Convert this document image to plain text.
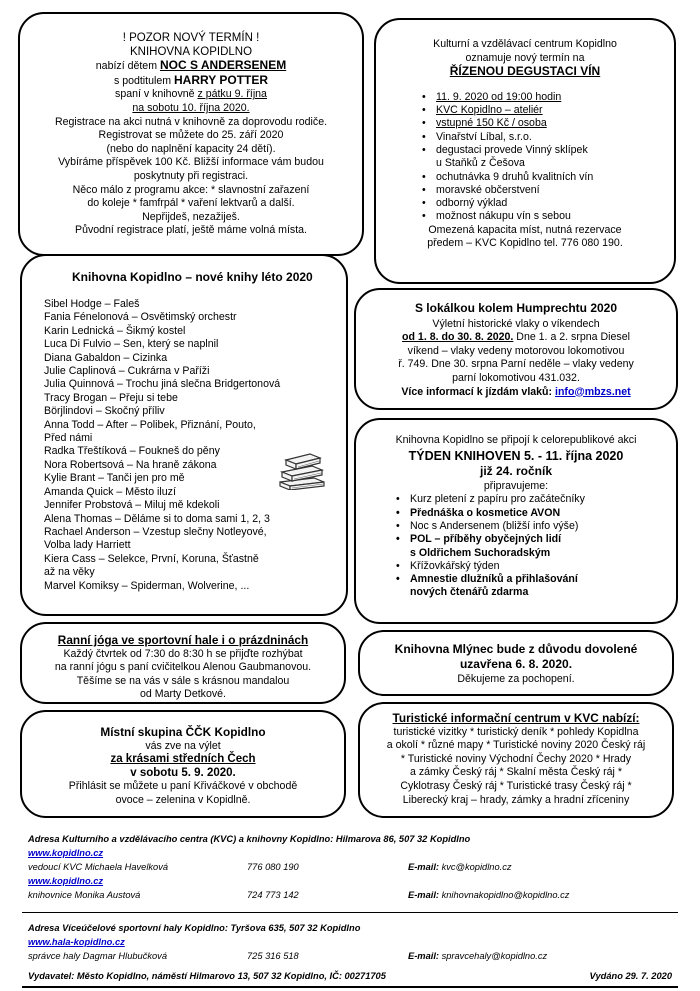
! POZOR NOVÝ TERMÍN !
KNIHOVNA KOPIDLNO
nabízí dětem NOC S ANDERSENEM
s podtitulem HARRY POTTER
spaní v knihovně z pátku 9. října
na sobotu 10. října 2020.
Registrace na akci nutná v knihovně za doprovodu rodiče.
Registrovat se můžete do 25. září 2020
(nebo do naplnění kapacity 24 dětí).
Vybíráme příspěvek 100 Kč. Bližší informace vám budou
poskytnuty při registraci.
Něco málo z programu akce: * slavnostní zařazení
do koleje * famfrpál * vaření lektvarů a další.
Nepřijdeš, nezažiješ.
Původní registrace platí, ještě máme volná místa.
Kulturní a vzdělávací centrum Kopidlno
oznamuje nový termín na
ŘÍZENOU DEGUSTACI VÍN
• 11. 9. 2020 od 19:00 hodin
• KVC Kopidlno – ateliér
• vstupné 150 Kč / osoba
• Vinařství Líbal, s.r.o.
• degustaci provede Vinný sklípek
u Staňků z Češova
• ochutnávka 9 druhů kvalitních vín
• moravské občerstvení
• odborný výklad
• možnost nákupu vín s sebou
Omezená kapacita míst, nutná rezervace
předem – KVC Kopidlno tel. 776 080 190.
Knihovna Kopidlno – nové knihy léto 2020
Sibel Hodge – Faleš
Fania Fénelonová – Osvětimský orchestr
Karin Lednická – Šikmý kostel
Luca Di Fulvio – Sen, který se naplnil
Diana Gabaldon – Cizinka
Julie Caplinová – Cukrárna v Paříži
Julia Quinnová – Trochu jiná slečna Bridgertonová
Tracy Brogan – Přeju si tebe
Börjlindovi – Skočný příliv
Anna Todd – After – Polibek, Přiznání, Pouto,
Před námi
Radka Třeštíková – Foukneš do pěny
Nora Robertsová – Na hraně zákona
Kylie Brant – Tanči jen pro mě
Amanda Quick – Město iluzí
Jennifer Probstová – Miluj mě kdekoli
Alena Thomas – Děláme si to doma sami 1, 2, 3
Rachael Anderson – Vzestup slečny Notleyové,
Volba lady Harriett
Kiera Cass – Selekce, První, Koruna, Šťastně
až na věky
Marvel Komiksy – Spiderman, Wolverine, ...
S lokálkou kolem Humprechtu 2020
Výletní historické vlaky o víkendech
od 1. 8. do 30. 8. 2020. Dne 1. a 2. srpna Diesel
víkend – vlaky vedeny motorovou lokomotivou
ř. 749. Dne 30. srpna Parní neděle – vlaky vedeny
parní lokomotivou 431.032.
Více informací k jízdám vlaků: info@mbzs.net
Knihovna Kopidlno se připojí k celorepublikové akci
TÝDEN KNIHOVEN 5. - 11. října 2020
již 24. ročník
připravujeme:
• Kurz pletení z papíru pro začátečníky
• Přednáška o kosmetice AVON
• Noc s Andersenem (bližší info výše)
• POL – příběhy obyčejných lidí
s Oldřichem Suchoradským
• Křížovkářský týden
• Amnestie dlužníků a přihlašování
nových čtenářů zdarma
Ranní jóga ve sportovní hale i o prázdninách
Každý čtvrtek od 7:30 do 8:30 h se přijďte rozhýbat
na ranní jógu s paní cvičitelkou Alenou Gaubmanovou.
Těšíme se na vás v sále s krásnou mandalou
od Marty Detkové.
Knihovna Mlýnec bude z důvodu dovolené
uzavřena 6. 8. 2020.
Děkujeme za pochopení.
Místní skupina ČČK Kopidlno
vás zve na výlet
za krásami středních Čech
v sobotu 5. 9. 2020.
Přihlásit se můžete u paní Křiváčkové v obchodě
ovoce – zelenina v Kopidlně.
Turistické informační centrum v KVC nabízí:
turistické vizitky * turistický deník * pohledy Kopidlna
a okolí * různé mapy * Turistické noviny 2020 Český ráj
* Turistické noviny Východní Čechy 2020 * Hrady
a zámky Český ráj * Skalní města Český ráj *
Cyklotrasy Český ráj * Turistické trasy Český ráj *
Liberecký kraj – hrady, zámky a hradní zříceniny
Adresa Kulturního a vzdělávacího centra (KVC) a knihovny Kopidlno: Hilmarova 86, 507 32 Kopidlno
www.kopidlno.cz
vedoucí KVC Michaela Havelková	776 080 190	E-mail: kvc@kopidlno.cz
www.kopidlno.cz
knihovnice Monika Austová	724 773 142	E-mail: knihovnakopidlno@kopidlno.cz
Adresa Víceúčelové sportovní haly Kopidlno: Tyršova 635, 507 32 Kopidlno
www.hala-kopidlno.cz
správce haly Dagmar Hlubučková	725 316 518	E-mail: spravcehaly@kopidlno.cz
Vydavatel: Město Kopidlno, náměstí Hilmarovo 13, 507 32 Kopidlno, IČ: 00271705	Vydáno 29. 7. 2020
